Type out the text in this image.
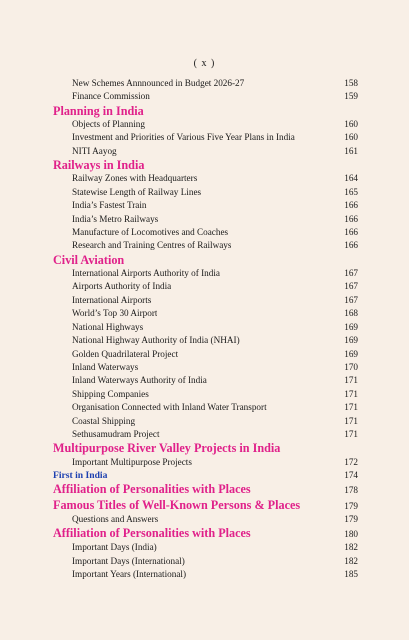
( x )
New Schemes Annnounced in Budget 2026-27	158
Finance Commission	159
Planning in India
Objects of Planning	160
Investment and Priorities of Various Five Year Plans in India	160
NITI Aayog	161
Railways in India
Railway Zones with Headquarters	164
Statewise Length of Railway Lines	165
India’s Fastest Train	166
India’s Metro Railways	166
Manufacture of Locomotives and Coaches	166
Research and Training Centres of Railways	166
Civil Aviation
International Airports Authority of India	167
Airports Authority of India	167
International Airports	167
World’s Top 30 Airport	168
National Highways	169
National Highway Authority of India (NHAI)	169
Golden Quadrilateral Project	169
Inland Waterways	170
Inland Waterways Authority of India	171
Shipping Companies	171
Organisation Connected with Inland Water Transport	171
Coastal Shipping	171
Sethusamudram Project	171
Multipurpose River Valley Projects in India
Important Multipurpose Projects	172
First in India	174
Affiliation of Personalities with Places	178
Famous Titles of Well-Known Persons & Places	179
Questions and Answers	179
Affiliation of Personalities with Places	180
Important Days (India)	182
Important Days (International)	182
Important Years (International)	185
